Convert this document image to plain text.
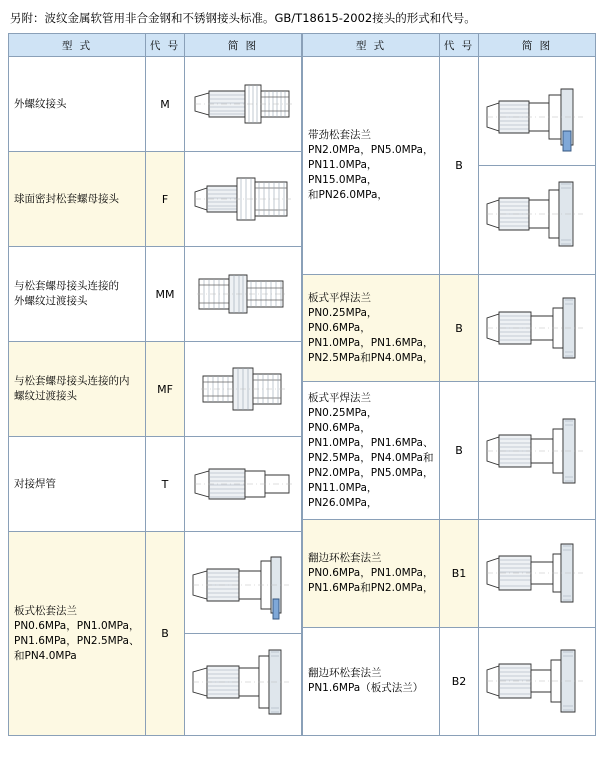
另附：波纹金属软管用非合金钢和不锈钢接头标准。GB/T18615-2002接头的形式和代号。
型 式	代 号	简 图

外螺纹接头	M	

球面密封松套螺母接头	F	

与松套螺母接头连接的
外螺纹过渡接头	MM	

与松套螺母接头连接的内
螺纹过渡接头	MF	

对接焊管	T	

板式松套法兰
PN0.6MPa，PN1.0MPa，
PN1.6MPa，PN2.5MPa、
和PN4.0MPa	B	
型 式	代 号	简 图

带劲松套法兰
PN2.0MPa，PN5.0MPa，
PN11.0MPa，PN15.0MPa，
和PN26.0MPa，	B	

板式平焊法兰
PN0.25MPa，PN0.6MPa，
PN1.0MPa，PN1.6MPa，
PN2.5MPa和PN4.0MPa，	B	

板式平焊法兰
PN0.25MPa，PN0.6MPa，
PN1.0MPa，PN1.6MPa、
PN2.5MPa，PN4.0MPa和
PN2.0MPa，PN5.0MPa，
PN11.0MPa，PN26.0MPa，
	B	

翻边环松套法兰
PN0.6MPa，PN1.0MPa，
PN1.6MPa和PN2.0MPa，	B1	

翻边环松套法兰
PN1.6MPa（板式法兰）	B2	
